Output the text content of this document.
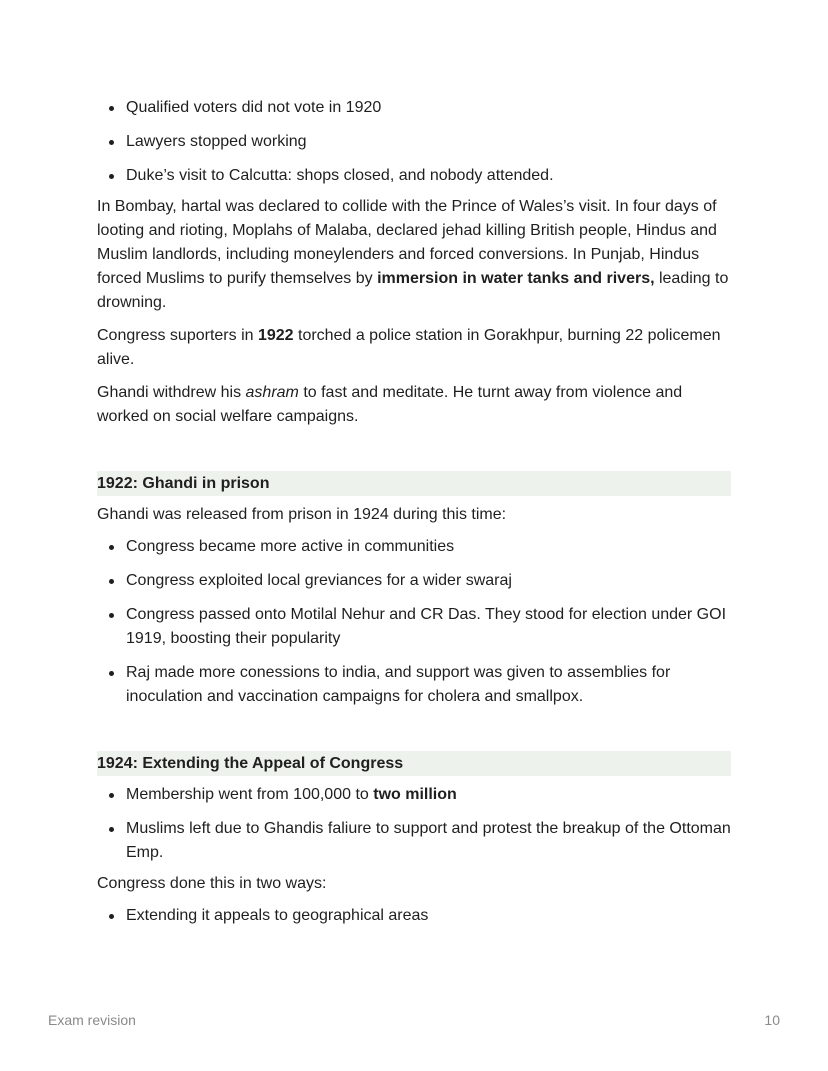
Qualified voters did not vote in 1920
Lawyers stopped working
Duke’s visit to Calcutta: shops closed, and nobody attended.

In Bombay, hartal was declared to collide with the Prince of Wales’s visit. In four days of looting and rioting, Moplahs of Malaba, declared jehad killing British people, Hindus and Muslim landlords, including moneylenders and forced conversions. In Punjab, Hindus forced Muslims to purify themselves by immersion in water tanks and rivers, leading to drowning.

Congress suporters in 1922 torched a police station in Gorakhpur, burning 22 policemen alive.

Ghandi withdrew his ashram to fast and meditate. He turnt away from violence and worked on social welfare campaigns.

1922: Ghandi in prison

Ghandi was released from prison in 1924 during this time:

Congress became more active in communities
Congress exploited local greviances for a wider swaraj
Congress passed onto Motilal Nehur and CR Das. They stood for election under GOI 1919, boosting their popularity
Raj made more conessions to india, and support was given to assemblies for inoculation and vaccination campaigns for cholera and smallpox.
1924: Extending the Appeal of Congress
Membership went from 100,000 to two million
Muslims left due to Ghandis faliure to support and protest the breakup of the Ottoman Emp.

Congress done this in two ways:

Extending it appeals to geographical areas
Exam revision	10
